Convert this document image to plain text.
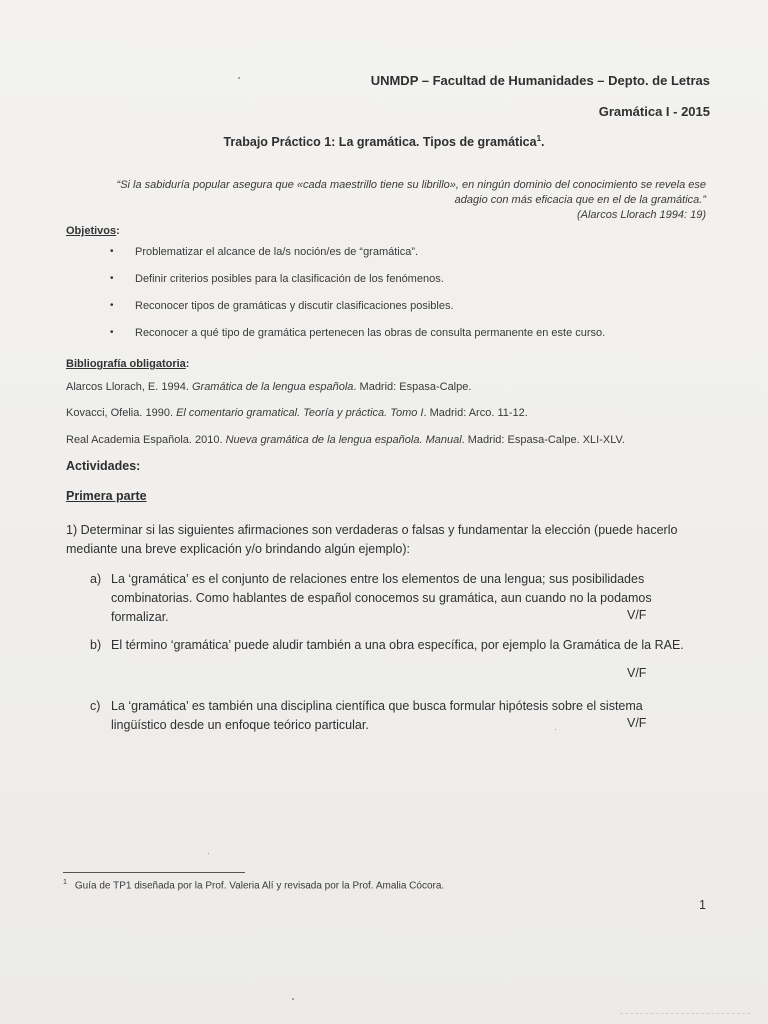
UNMDP – Facultad de Humanidades – Depto. de Letras
Gramática I - 2015
Trabajo Práctico 1: La gramática. Tipos de gramática$^1$.
“Si la sabiduría popular asegura que «cada maestrillo tiene su librillo», en ningún dominio del conocimiento se revela ese
adagio con más eficacia que en el de la gramática.”
(Alarcos Llorach 1994: 19)
Objetivos:
• Problematizar el alcance de la/s noción/es de “gramática”.
• Definir criterios posibles para la clasificación de los fenómenos.
• Reconocer tipos de gramáticas y discutir clasificaciones posibles.
• Reconocer a qué tipo de gramática pertenecen las obras de consulta permanente en este curso.
Bibliografía obligatoria:
Alarcos Llorach, E. 1994. Gramática de la lengua española. Madrid: Espasa-Calpe.
Kovacci, Ofelia. 1990. El comentario gramatical. Teoría y práctica. Tomo I. Madrid: Arco. 11-12.
Real Academia Española. 2010. Nueva gramática de la lengua española. Manual. Madrid: Espasa-Calpe. XLI-XLV.
Actividades:
Primera parte
1) Determinar si las siguientes afirmaciones son verdaderas o falsas y fundamentar la elección (puede hacerlo mediante una breve explicación y/o brindando algún ejemplo):
a) La ‘gramática’ es el conjunto de relaciones entre los elementos de una lengua; sus posibilidades combinatorias. Como hablantes de español conocemos su gramática, aun cuando no la podamos formalizar.	V/F
b) El término ‘gramática’ puede aludir también a una obra específica, por ejemplo la Gramática de la RAE.
V/F
c) La ‘gramática’ es también una disciplina científica que busca formular hipótesis sobre el sistema lingüístico desde un enfoque teórico particular.	V/F
$^1$ Guía de TP1 diseñada por la Prof. Valeria Alí y revisada por la Prof. Amalia Cócora.
1
